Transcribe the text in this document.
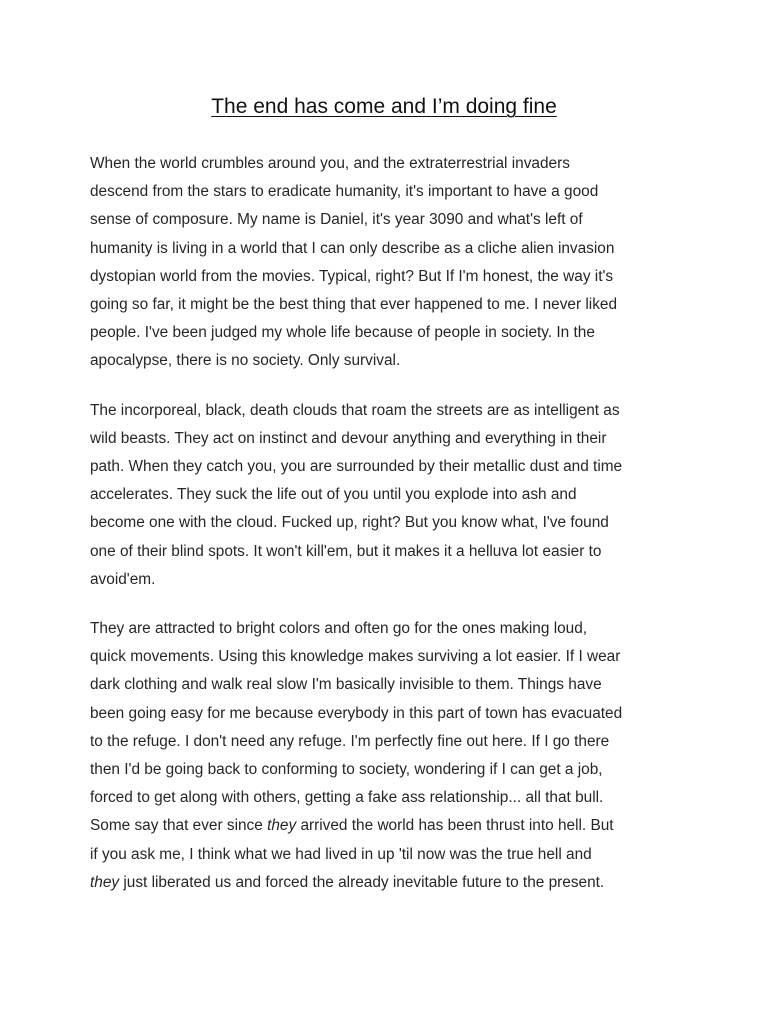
The end has come and I’m doing fine

When the world crumbles around you, and the extraterrestrial invaders
descend from the stars to eradicate humanity, it's important to have a good
sense of composure. My name is Daniel, it's year 3090 and what's left of
humanity is living in a world that I can only describe as a cliche alien invasion
dystopian world from the movies. Typical, right? But If I'm honest, the way it's
going so far, it might be the best thing that ever happened to me. I never liked
people. I've been judged my whole life because of people in society. In the
apocalypse, there is no society. Only survival.

The incorporeal, black, death clouds that roam the streets are as intelligent as
wild beasts. They act on instinct and devour anything and everything in their
path. When they catch you, you are surrounded by their metallic dust and time
accelerates. They suck the life out of you until you explode into ash and
become one with the cloud. Fucked up, right? But you know what, I've found
one of their blind spots. It won't kill'em, but it makes it a helluva lot easier to
avoid'em.

They are attracted to bright colors and often go for the ones making loud,
quick movements. Using this knowledge makes surviving a lot easier. If I wear
dark clothing and walk real slow I'm basically invisible to them. Things have
been going easy for me because everybody in this part of town has evacuated
to the refuge. I don't need any refuge. I'm perfectly fine out here. If I go there
then I'd be going back to conforming to society, wondering if I can get a job,
forced to get along with others, getting a fake ass relationship... all that bull.
Some say that ever since they arrived the world has been thrust into hell. But
if you ask me, I think what we had lived in up 'til now was the true hell and
they just liberated us and forced the already inevitable future to the present.
